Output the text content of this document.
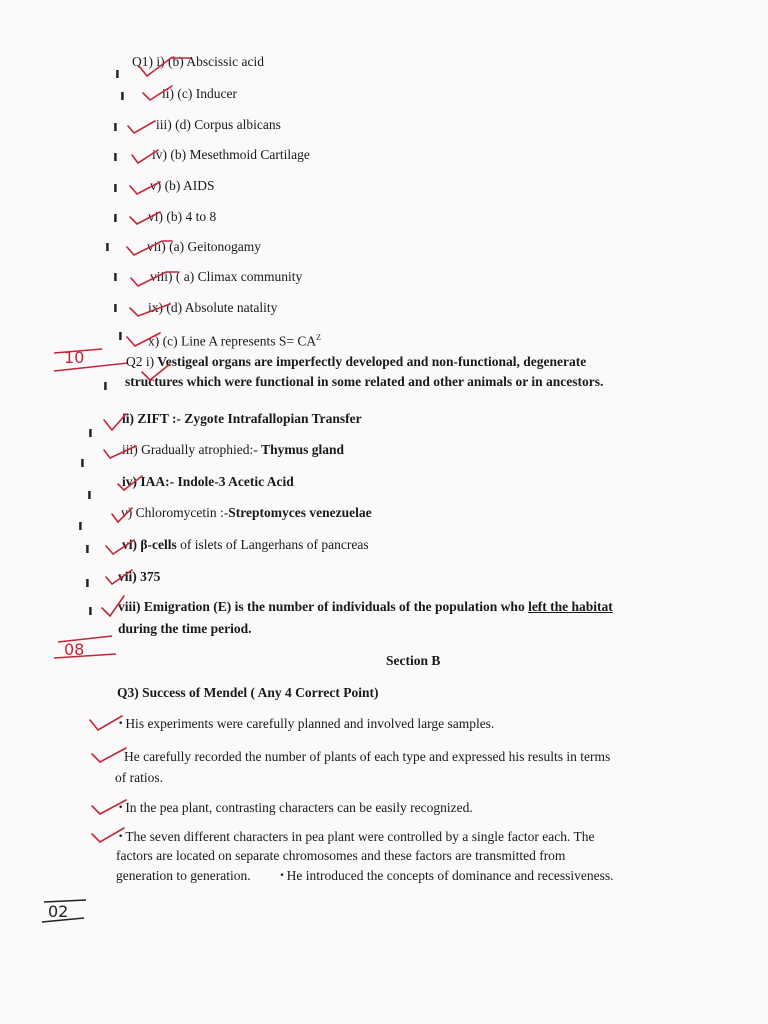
Q1) i) (b) Abscissic acid
ii) (c) Inducer
iii) (d) Corpus albicans
iv) (b) Mesethmoid Cartilage
v) (b) AIDS
vi) (b) 4 to 8
vii) (a) Geitonogamy
viii) ( a) Climax community
ix) (d) Absolute natality
x) (c) Line A represents $S= CA^Z$
ı
ı
ı
ı
ı
ı
ı
ı
ı
ı
10	Q2 i) Vestigeal organs are imperfectly developed and non-functional, degenerate
structures which were functional in some related and other animals or in ancestors.
ii) ZIFT :- Zygote Intrafallopian Transfer
iii) Gradually atrophied:- Thymus gland
iv) IAA:- Indole-3 Acetic Acid
v) Chloromycetin :-Streptomyces venezuelae
vi) β-cells of islets of Langerhans of pancreas
vii) 375
viii) Emigration (E) is the number of individuals of the population who left the habitat
during the time period.
ı
ı
ı
ı
ı
ı
ı
ı
08
Section B
Q3) Success of Mendel ( Any 4 Correct Point)
• His experiments were carefully planned and involved large samples.
He carefully recorded the number of plants of each type and expressed his results in terms
of ratios.
• In the pea plant, contrasting characters can be easily recognized.
• The seven different characters in pea plant were controlled by a single factor each. The
factors are located on separate chromosomes and these factors are transmitted from
generation to generation.	• He introduced the concepts of dominance and recessiveness.
02
